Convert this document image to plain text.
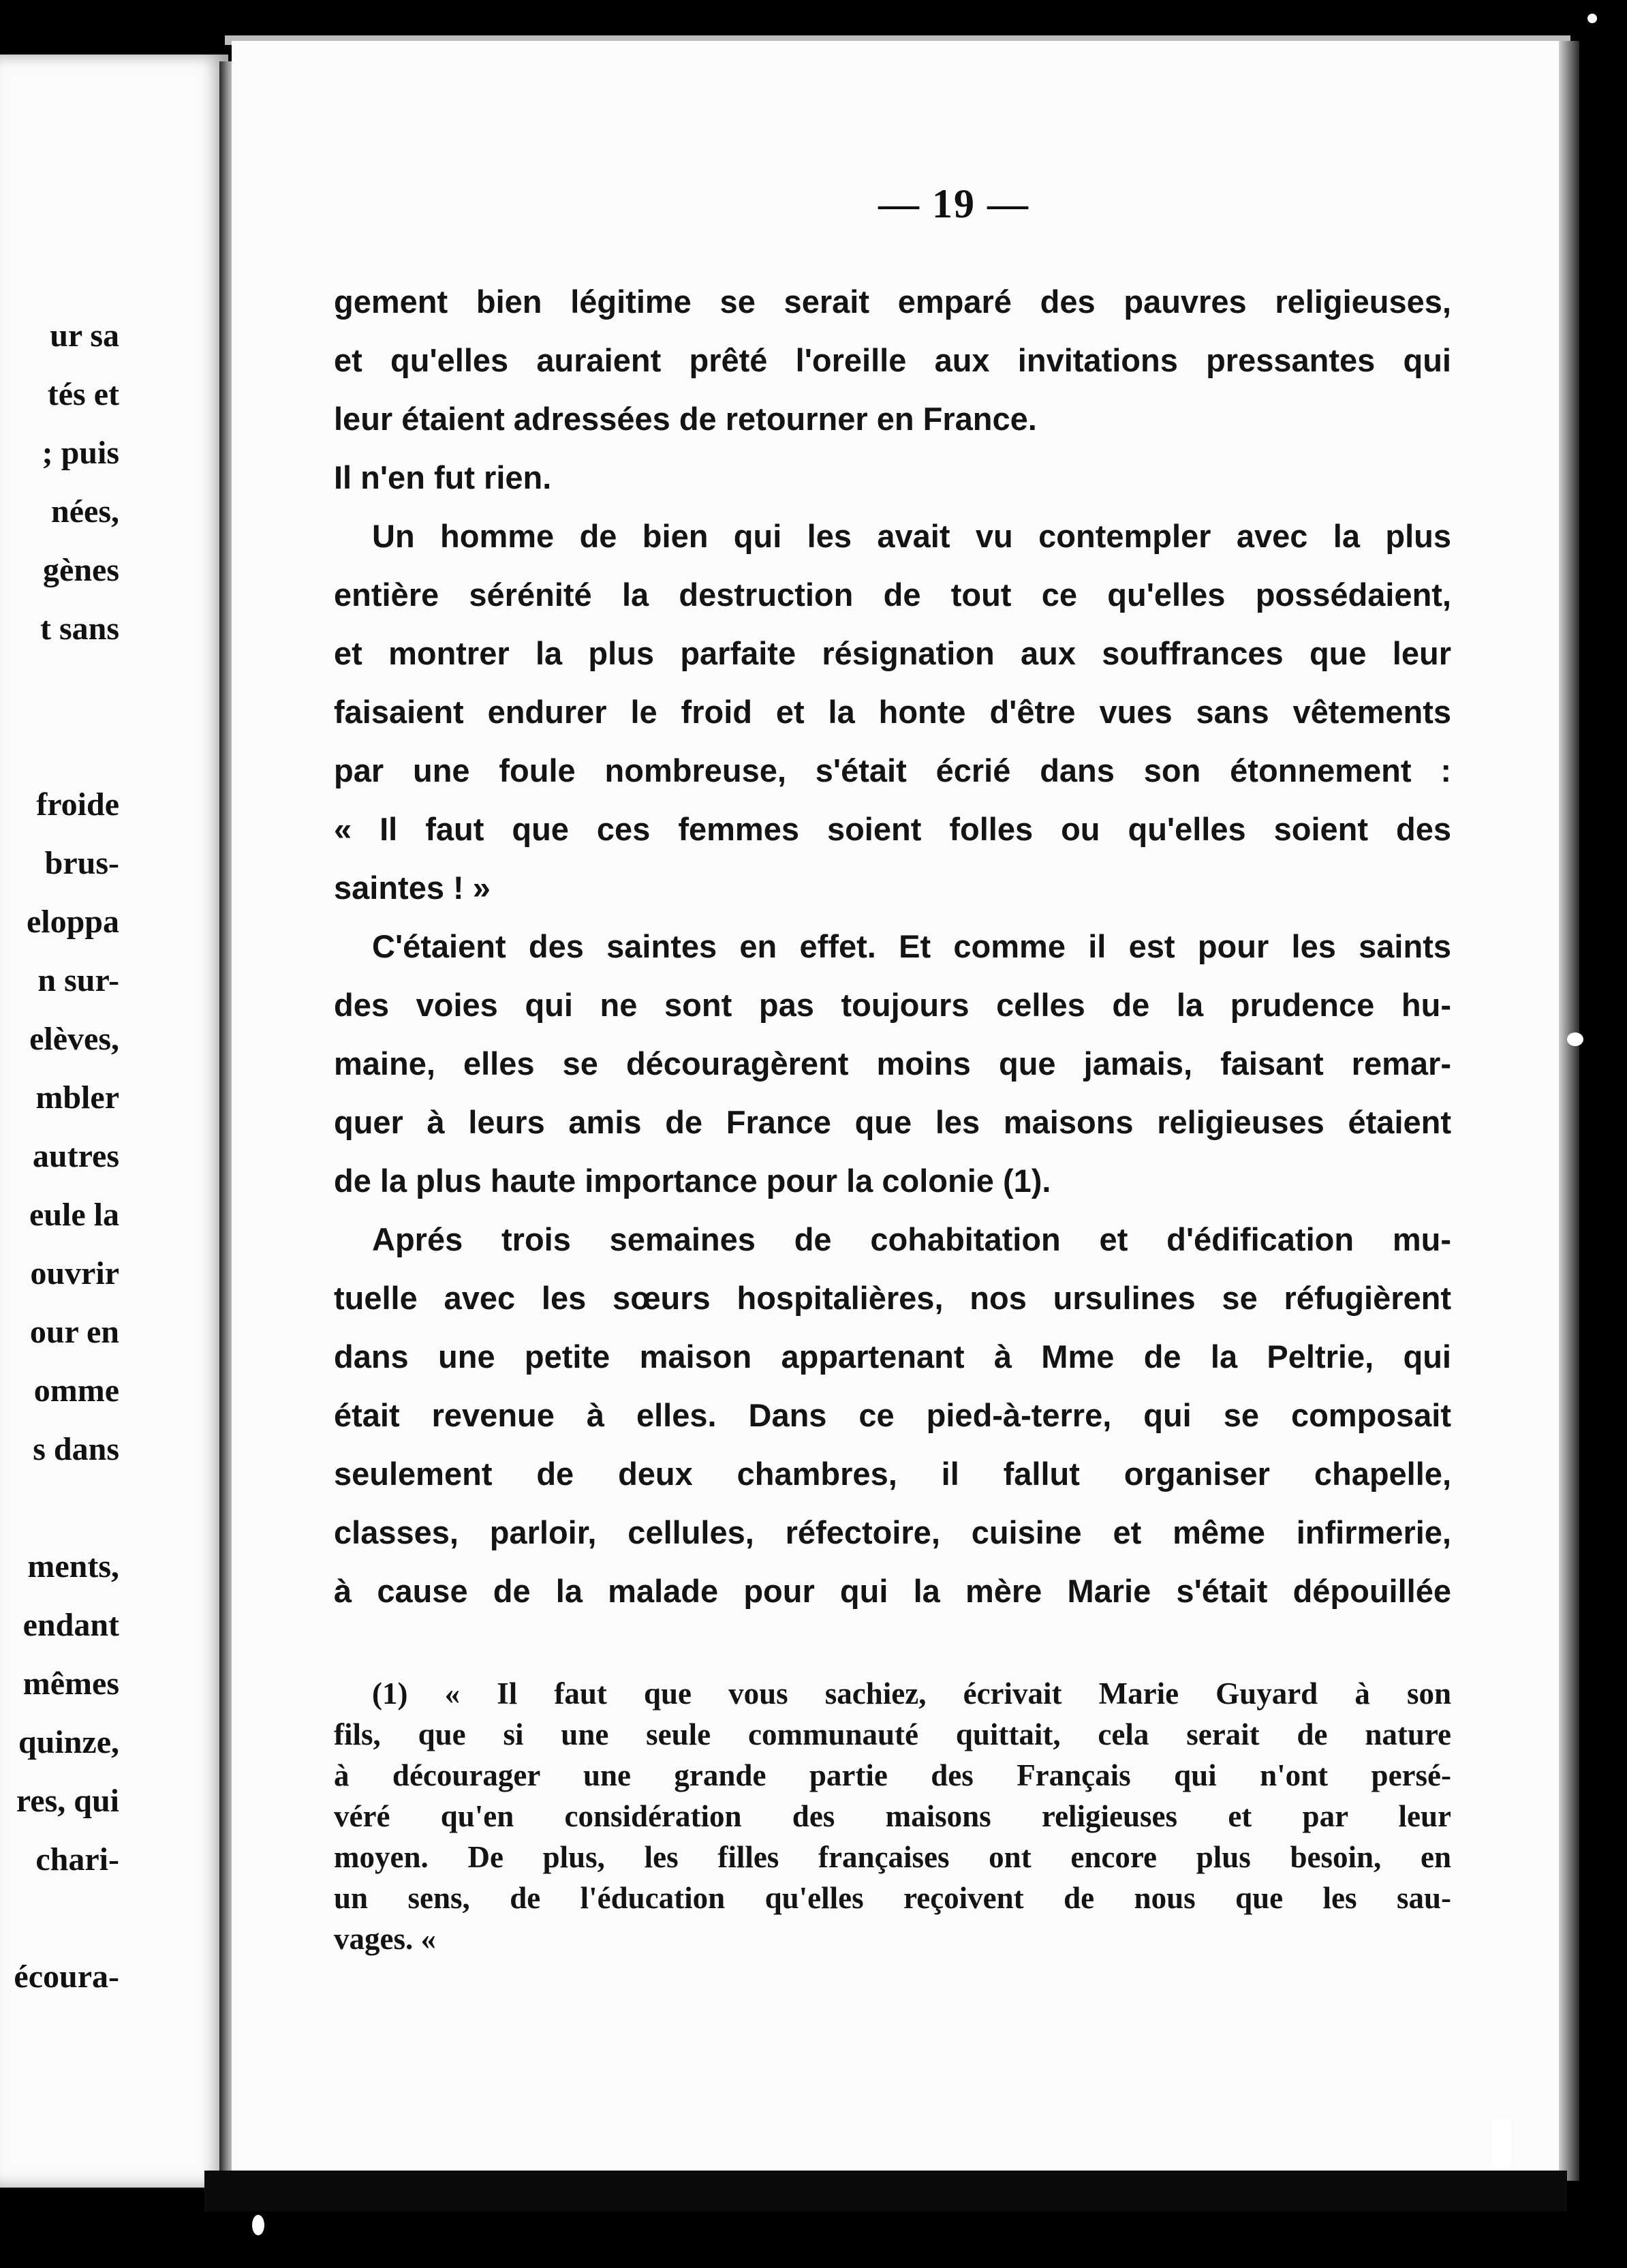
ur sa
tés et
; puis
nées,
gènes
t sans
froide
brus-
eloppa
n sur-
elèves,
mbler
autres
eule la
ouvrir
our en
omme
s dans
ments,
endant
mêmes
quinze,
res, qui
chari-
écoura-
— 19 —
gement bien légitime se serait emparé des pauvres religieuses,
et qu'elles auraient prêté l'oreille aux invitations pressantes qui
leur étaient adressées de retourner en France.
Il n'en fut rien.
Un homme de bien qui les avait vu contempler avec la plus
entière sérénité la destruction de tout ce qu'elles possédaient,
et montrer la plus parfaite résignation aux souffrances que leur
faisaient endurer le froid et la honte d'être vues sans vêtements
par une foule nombreuse, s'était écrié dans son étonnement :
« Il faut que ces femmes soient folles ou qu'elles soient des
saintes ! »
C'étaient des saintes en effet. Et comme il est pour les saints
des voies qui ne sont pas toujours celles de la prudence hu-
maine, elles se découragèrent moins que jamais, faisant remar-
quer à leurs amis de France que les maisons religieuses étaient
de la plus haute importance pour la colonie (1).
Aprés trois semaines de cohabitation et d'édification mu-
tuelle avec les sœurs hospitalières, nos ursulines se réfugièrent
dans une petite maison appartenant à Mme de la Peltrie, qui
était revenue à elles. Dans ce pied-à-terre, qui se composait
seulement de deux chambres, il fallut organiser chapelle,
classes, parloir, cellules, réfectoire, cuisine et même infirmerie,
à cause de la malade pour qui la mère Marie s'était dépouillée
(1) « Il faut que vous sachiez, écrivait Marie Guyard à son
fils, que si une seule communauté quittait, cela serait de nature
à décourager une grande partie des Français qui n'ont persé-
véré qu'en considération des maisons religieuses et par leur
moyen. De plus, les filles françaises ont encore plus besoin, en
un sens, de l'éducation qu'elles reçoivent de nous que les sau-
vages. «
